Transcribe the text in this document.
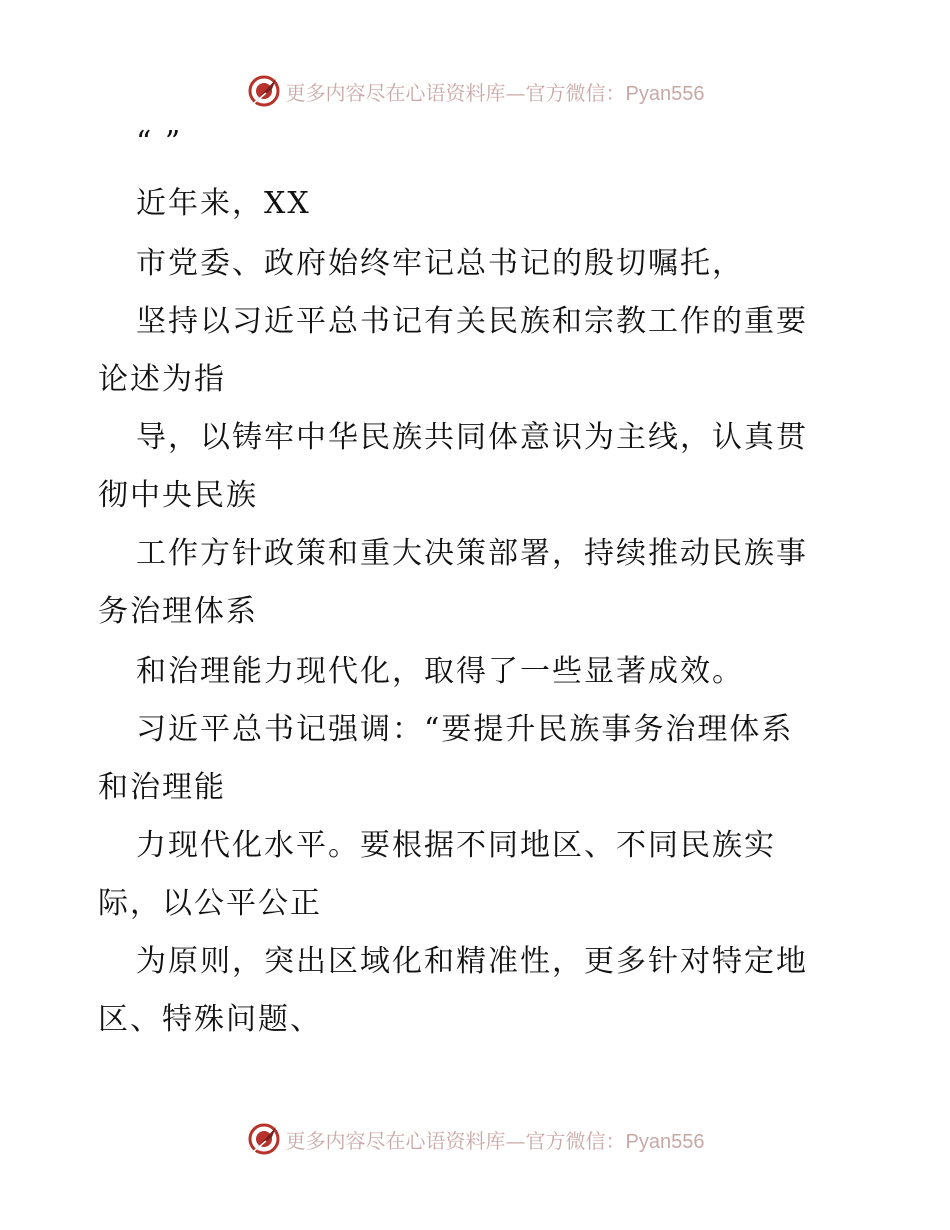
更多内容尽在心语资料库—官方微信：Pyan556
“ ”
近年来，XX
市党委、政府始终牢记总书记的殷切嘱托，
坚持以习近平总书记有关民族和宗教工作的重要
论述为指
导，以铸牢中华民族共同体意识为主线，认真贯
彻中央民族
工作方针政策和重大决策部署，持续推动民族事
务治理体系
和治理能力现代化，取得了一些显著成效。
习近平总书记强调：“要提升民族事务治理体系
和治理能
力现代化水平。要根据不同地区、不同民族实
际，以公平公正
为原则，突出区域化和精准性，更多针对特定地
区、特殊问题、
更多内容尽在心语资料库—官方微信：Pyan556
